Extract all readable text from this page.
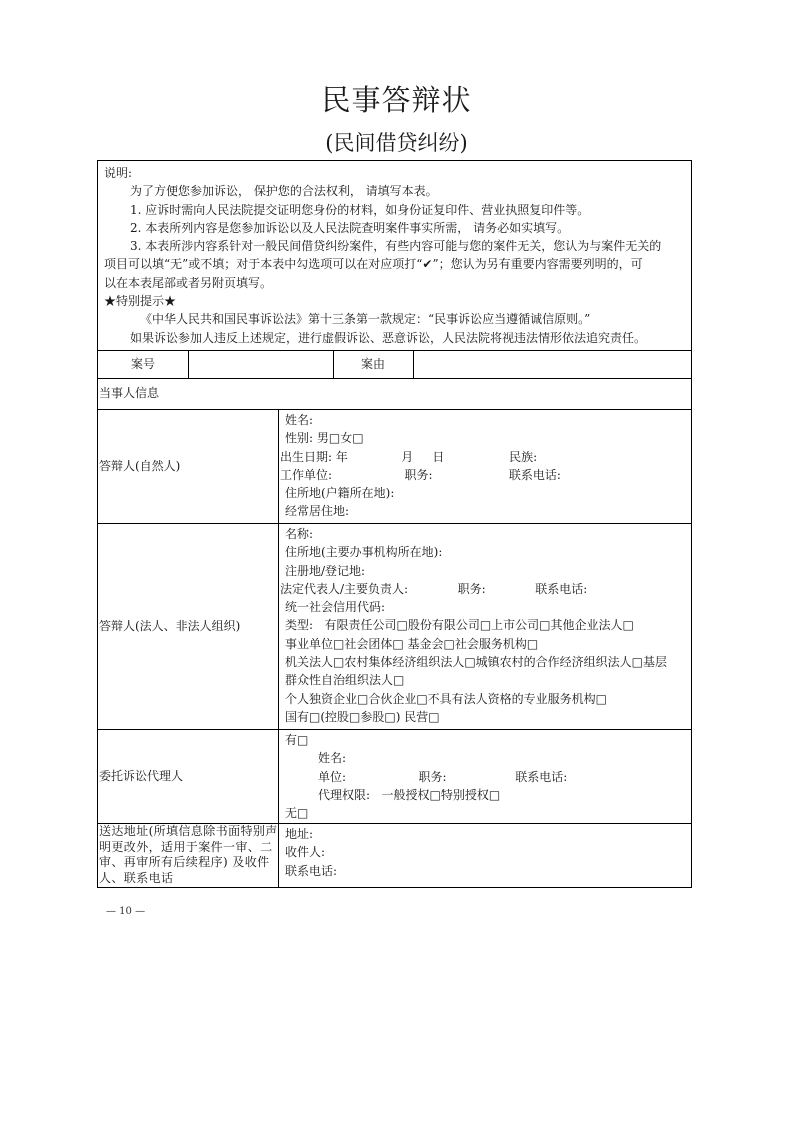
民事答辩状
(民间借贷纠纷)
说明:
为了方便您参加诉讼， 保护您的合法权利， 请填写本表。
1. 应诉时需向人民法院提交证明您身份的材料，如身份证复印件、营业执照复印件等。
2. 本表所列内容是您参加诉讼以及人民法院查明案件事实所需， 请务必如实填写。
3. 本表所涉内容系针对一般民间借贷纠纷案件，有些内容可能与您的案件无关，您认为与案件无关的
项目可以填“无”或不填；对于本表中勾选项可以在对应项打“✔”；您认为另有重要内容需要列明的，可
以在本表尾部或者另附页填写。
★特别提示★
《中华人民共和国民事诉讼法》第十三条第一款规定：“民事诉讼应当遵循诚信原则。”
如果诉讼参加人违反上述规定，进行虚假诉讼、恶意诉讼，人民法院将视违法情形依法追究责任。
案号	案由
当事人信息
答辩人(自然人)
姓名:
性别: 男□女□
出生日期: 年              月     日                 民族:
工作单位:                   职务:                    联系电话:
住所地(户籍所在地):
经常居住地:
答辩人(法人、非法人组织)
名称:
住所地(主要办事机构所在地):
注册地/登记地:
法定代表人/主要负责人:             职务:             联系电话:
统一社会信用代码:
类型:   有限责任公司□股份有限公司□上市公司□其他企业法人□
事业单位□社会团体□ 基金会□社会服务机构□
机关法人□农村集体经济组织法人□城镇农村的合作经济组织法人□基层
群众性自治组织法人□
个人独资企业□合伙企业□不具有法人资格的专业服务机构□
国有□(控股□参股□) 民营□
委托诉讼代理人
有□
姓名:
单位:                   职务:                  联系电话:
代理权限:   一般授权□特别授权□
无□
送达地址(所填信息除书面特别声明更改外，适用于案件一审、二审、再审所有后续程序) 及收件人、联系电话
地址:
收件人:
联系电话:
— 10 —
